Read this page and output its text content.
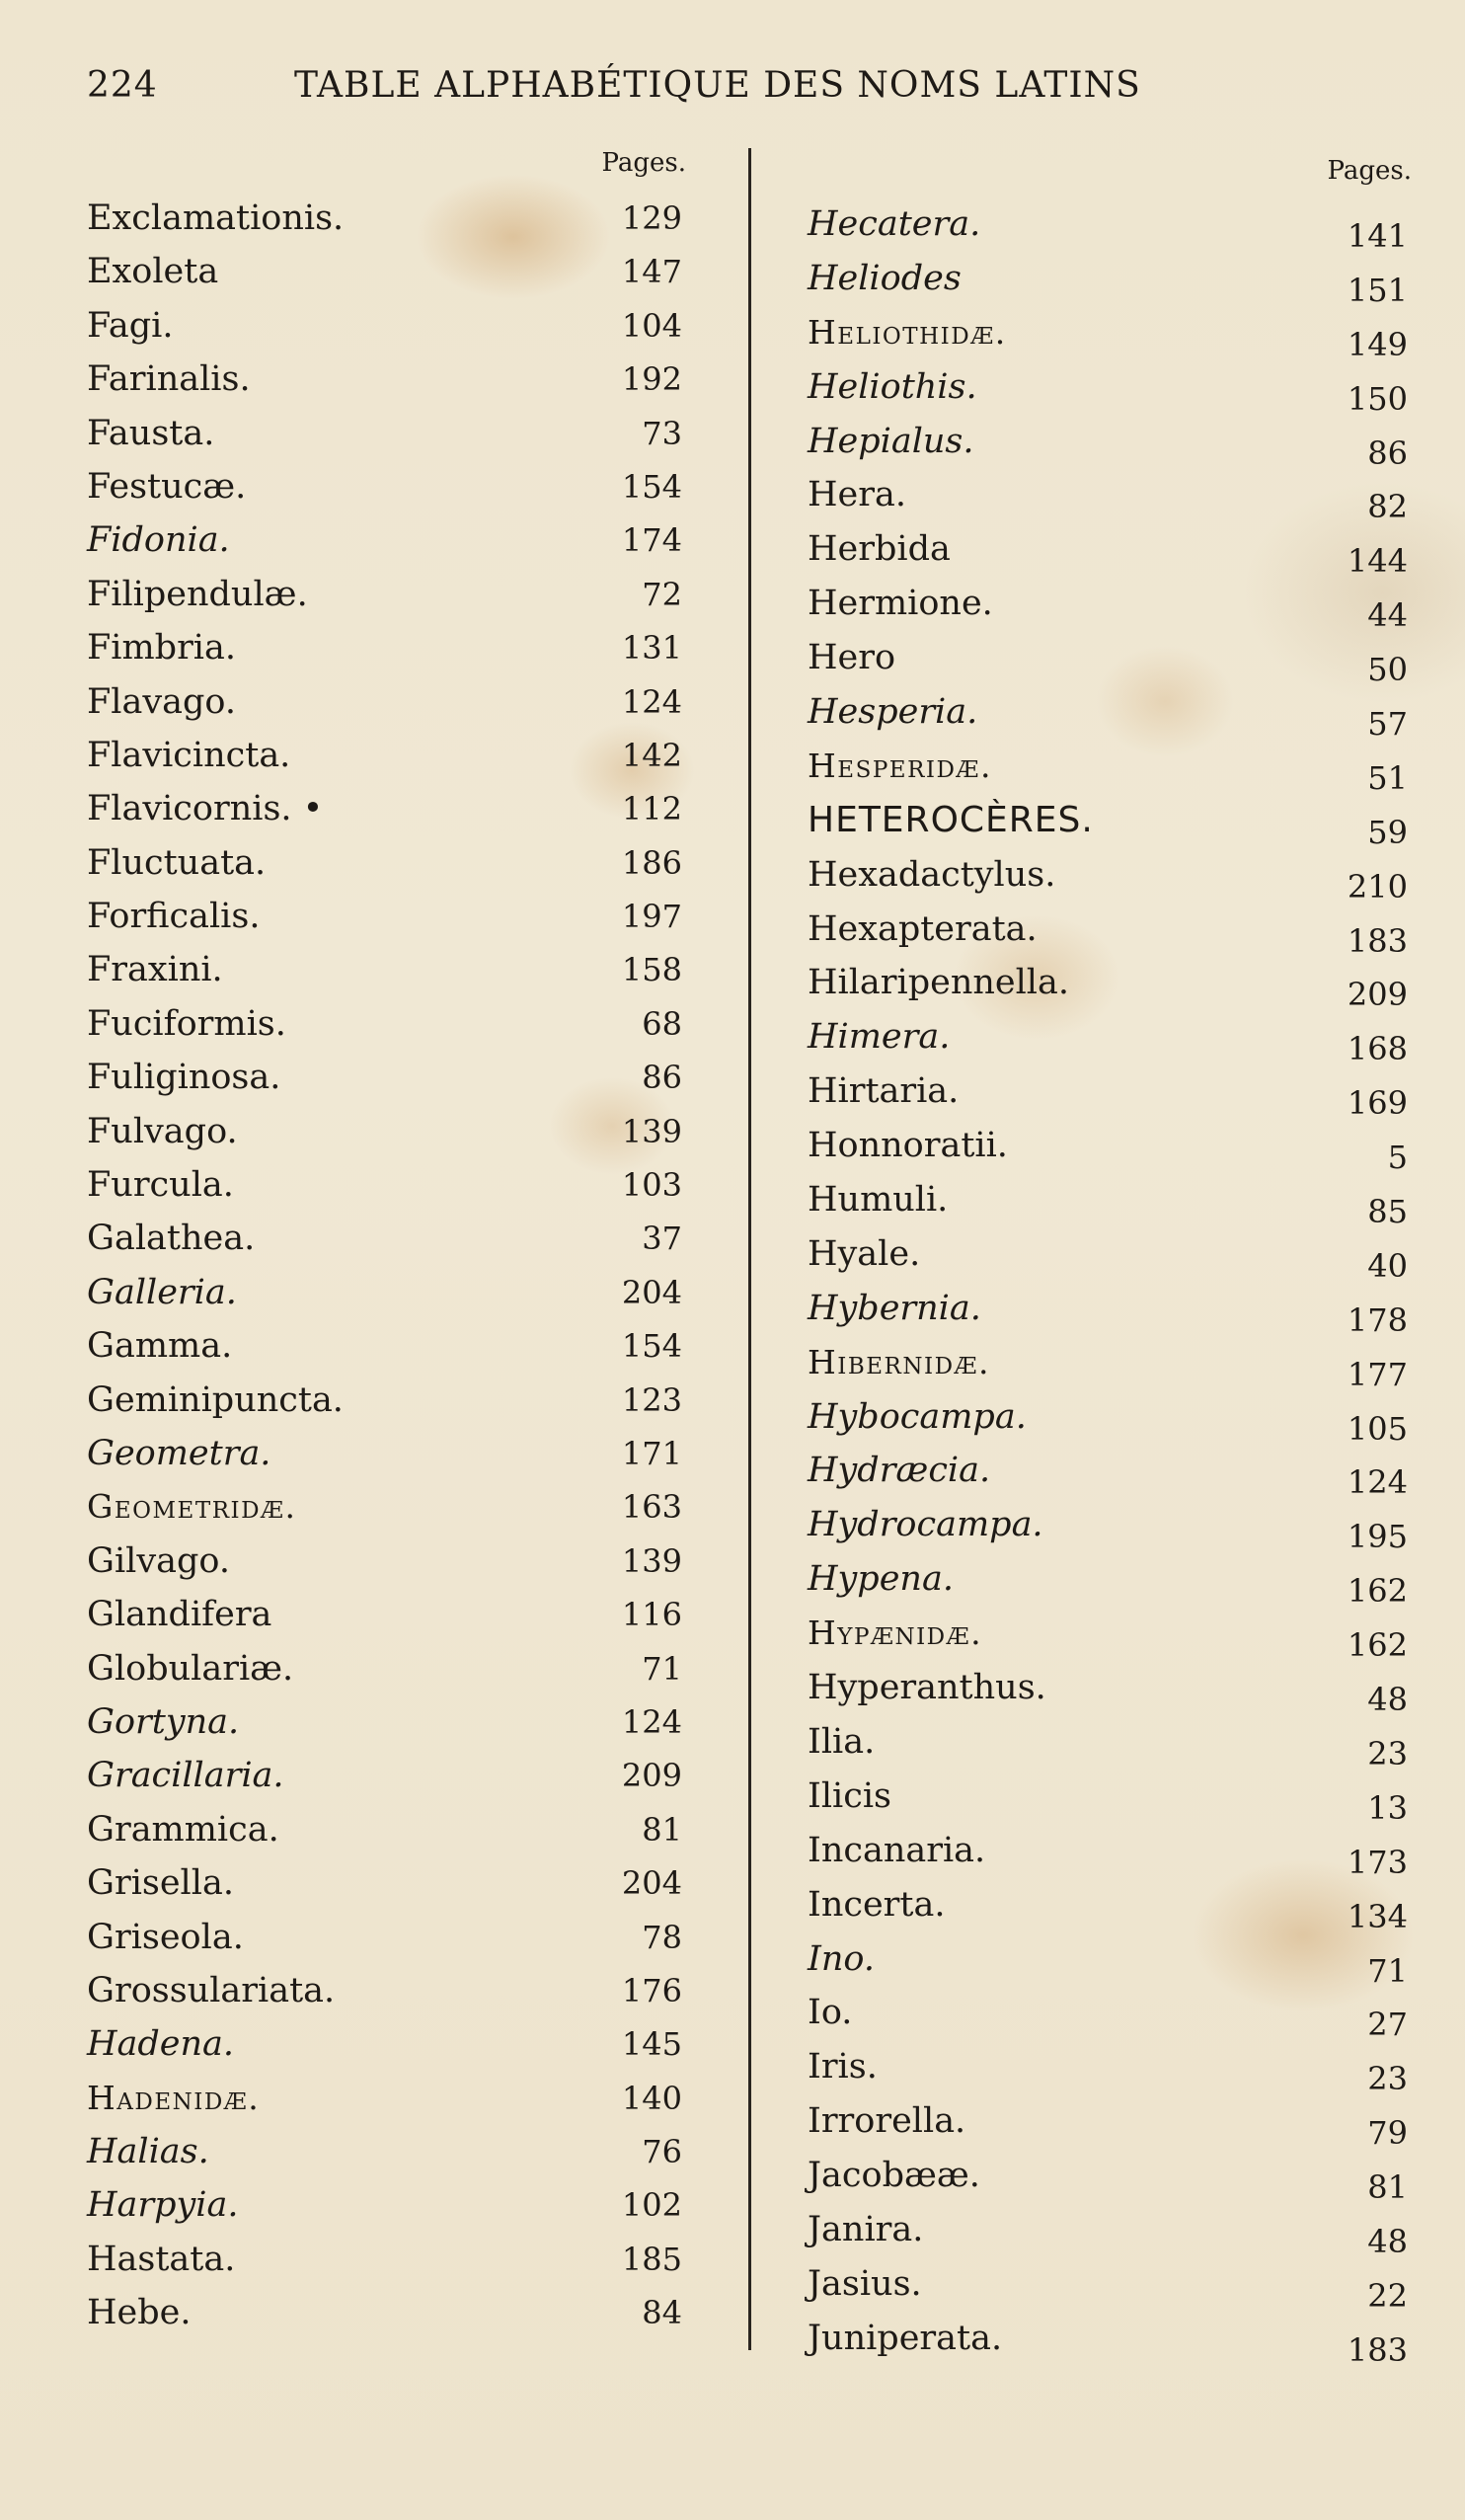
224	TABLE ALPHABÉTIQUE DES NOMS LATINS
Pages.
Exclamationis.	129
Exoleta	147
Fagi.	104
Farinalis.	192
Fausta.	73
Festucæ.	154
Fidonia.	174
Filipendulæ.	72
Fimbria.	131
Flavago.	124
Flavicincta.	142
Flavicornis. •	112
Fluctuata.	186
Forficalis.	197
Fraxini.	158
Fuciformis.	68
Fuliginosa.	86
Fulvago.	139
Furcula.	103
Galathea.	37
Galleria.	204
Gamma.	154
Geminipuncta.	123
Geometra.	171
Geometridæ.	163
Gilvago.	139
Glandifera	116
Globulariæ.	71
Gortyna.	124
Gracillaria.	209
Grammica.	81
Grisella.	204
Griseola.	78
Grossulariata.	176
Hadena.	145
Hadenidæ.	140
Halias.	76
Harpyia.	102
Hastata.	185
Hebe.	84
Pages.
Hecatera.	141
Heliodes	151
Heliothidæ.	149
Heliothis.	150
Hepialus.	86
Hera.	82
Herbida	144
Hermione.	44
Hero	50
Hesperia.	57
Hesperidæ.	51
HETEROCÈRES.	59
Hexadactylus.	210
Hexapterata.	183
Hilaripennella.	209
Himera.	168
Hirtaria.	169
Honnoratii.	5
Humuli.	85
Hyale.	40
Hybernia.	178
Hibernidæ.	177
Hybocampa.	105
Hydræcia.	124
Hydrocampa.	195
Hypena.	162
Hypænidæ.	162
Hyperanthus.	48
Ilia.	23
Ilicis	13
Incanaria.	173
Incerta.	134
Ino.	71
Io.	27
Iris.	23
Irrorella.	79
Jacobææ.	81
Janira.	48
Jasius.	22
Juniperata.	183
